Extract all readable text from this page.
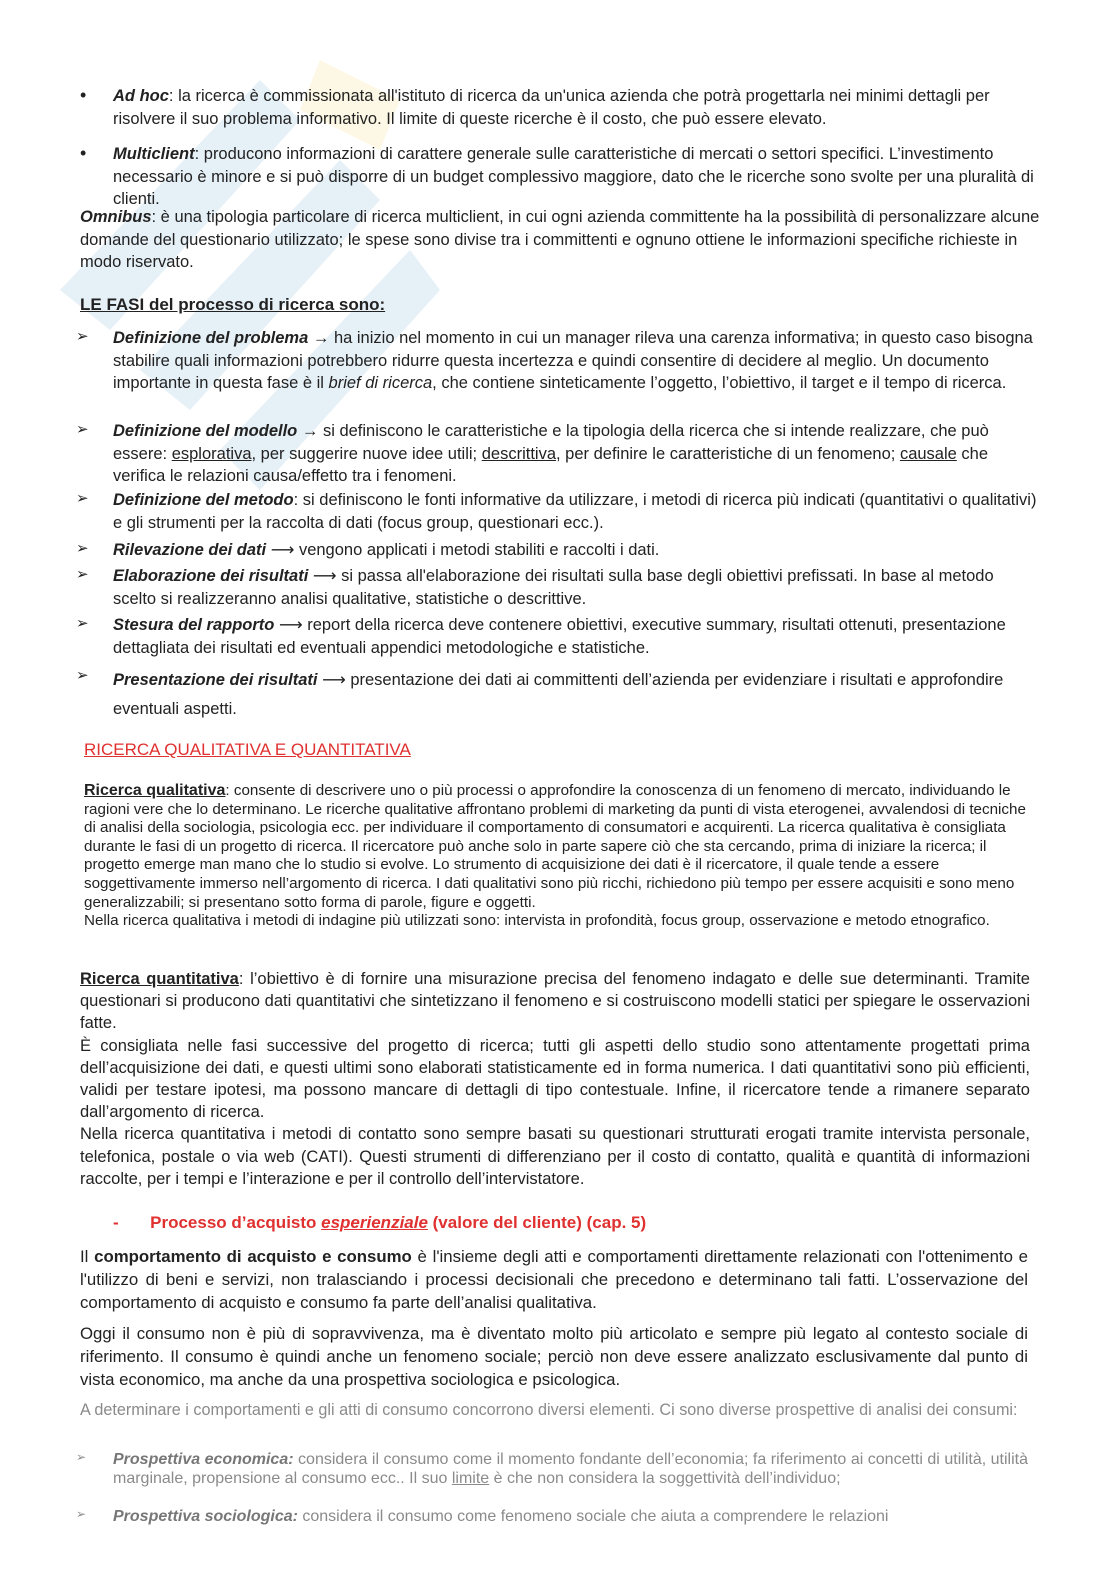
• Ad hoc: la ricerca è commissionata all'istituto di ricerca da un'unica azienda che potrà progettarla nei minimi dettagli per risolvere il suo problema informativo. Il limite di queste ricerche è il costo, che può essere elevato.

• Multiclient: producono informazioni di carattere generale sulle caratteristiche di mercati o settori specifici. L’investimento necessario è minore e si può disporre di un budget complessivo maggiore, dato che le ricerche sono svolte per una pluralità di clienti.

Omnibus: è una tipologia particolare di ricerca multiclient, in cui ogni azienda committente ha la possibilità di personalizzare alcune domande del questionario utilizzato; le spese sono divise tra i committenti e ognuno ottiene le informazioni specifiche richieste in modo riservato.

LE FASI del processo di ricerca sono:

➢ Definizione del problema → ha inizio nel momento in cui un manager rileva una carenza informativa; in questo caso bisogna stabilire quali informazioni potrebbero ridurre questa incertezza e quindi consentire di decidere al meglio. Un documento importante in questa fase è il brief di ricerca, che contiene sinteticamente l’oggetto, l’obiettivo, il target e il tempo di ricerca.

➢ Definizione del modello → si definiscono le caratteristiche e la tipologia della ricerca che si intende realizzare, che può essere: esplorativa, per suggerire nuove idee utili; descrittiva, per definire le caratteristiche di un fenomeno; causale che verifica le relazioni causa/effetto tra i fenomeni.

➢ Definizione del metodo: si definiscono le fonti informative da utilizzare, i metodi di ricerca più indicati (quantitativi o qualitativi) e gli strumenti per la raccolta di dati (focus group, questionari ecc.).

➢ Rilevazione dei dati ⟶ vengono applicati i metodi stabiliti e raccolti i dati.

➢ Elaborazione dei risultati ⟶ si passa all'elaborazione dei risultati sulla base degli obiettivi prefissati. In base al metodo scelto si realizzeranno analisi qualitative, statistiche o descrittive.

➢ Stesura del rapporto ⟶ report della ricerca deve contenere obiettivi, executive summary, risultati ottenuti, presentazione dettagliata dei risultati ed eventuali appendici metodologiche e statistiche.

➢ Presentazione dei risultati ⟶ presentazione dei dati ai committenti dell’azienda per evidenziare i risultati e approfondire eventuali aspetti.

RICERCA QUALITATIVA E QUANTITATIVA

Ricerca qualitativa: consente di descrivere uno o più processi o approfondire la conoscenza di un fenomeno di mercato, individuando le ragioni vere che lo determinano. Le ricerche qualitative affrontano problemi di marketing da punti di vista eterogenei, avvalendosi di tecniche di analisi della sociologia, psicologia ecc. per individuare il comportamento di consumatori e acquirenti. La ricerca qualitativa è consigliata durante le fasi di un progetto di ricerca. Il ricercatore può anche solo in parte sapere ciò che sta cercando, prima di iniziare la ricerca; il progetto emerge man mano che lo studio si evolve. Lo strumento di acquisizione dei dati è il ricercatore, il quale tende a essere soggettivamente immerso nell’argomento di ricerca. I dati qualitativi sono più ricchi, richiedono più tempo per essere acquisiti e sono meno generalizzabili; si presentano sotto forma di parole, figure e oggetti.

Nella ricerca qualitativa i metodi di indagine più utilizzati sono: intervista in profondità, focus group, osservazione e metodo etnografico.

Ricerca quantitativa: l’obiettivo è di fornire una misurazione precisa del fenomeno indagato e delle sue determinanti. Tramite questionari si producono dati quantitativi che sintetizzano il fenomeno e si costruiscono modelli statici per spiegare le osservazioni fatte.

È consigliata nelle fasi successive del progetto di ricerca; tutti gli aspetti dello studio sono attentamente progettati prima dell’acquisizione dei dati, e questi ultimi sono elaborati statisticamente ed in forma numerica. I dati quantitativi sono più efficienti, validi per testare ipotesi, ma possono mancare di dettagli di tipo contestuale. Infine, il ricercatore tende a rimanere separato dall’argomento di ricerca.

Nella ricerca quantitativa i metodi di contatto sono sempre basati su questionari strutturati erogati tramite intervista personale, telefonica, postale o via web (CATI). Questi strumenti di differenziano per il costo di contatto, qualità e quantità di informazioni raccolte, per i tempi e l’interazione e per il controllo dell’intervistatore.

- Processo d’acquisto esperienziale (valore del cliente) (cap. 5)

Il comportamento di acquisto e consumo è l'insieme degli atti e comportamenti direttamente relazionati con l'ottenimento e l'utilizzo di beni e servizi, non tralasciando i processi decisionali che precedono e determinano tali fatti. L’osservazione del comportamento di acquisto e consumo fa parte dell’analisi qualitativa.

Oggi il consumo non è più di sopravvivenza, ma è diventato molto più articolato e sempre più legato al contesto sociale di riferimento. Il consumo è quindi anche un fenomeno sociale; perciò non deve essere analizzato esclusivamente dal punto di vista economico, ma anche da una prospettiva sociologica e psicologica.

A determinare i comportamenti e gli atti di consumo concorrono diversi elementi. Ci sono diverse prospettive di analisi dei consumi:

➢ Prospettiva economica: considera il consumo come il momento fondante dell’economia; fa riferimento ai concetti di utilità, utilità marginale, propensione al consumo ecc.. Il suo limite è che non considera la soggettività dell’individuo;

➢ Prospettiva sociologica: considera il consumo come fenomeno sociale che aiuta a comprendere le relazioni
